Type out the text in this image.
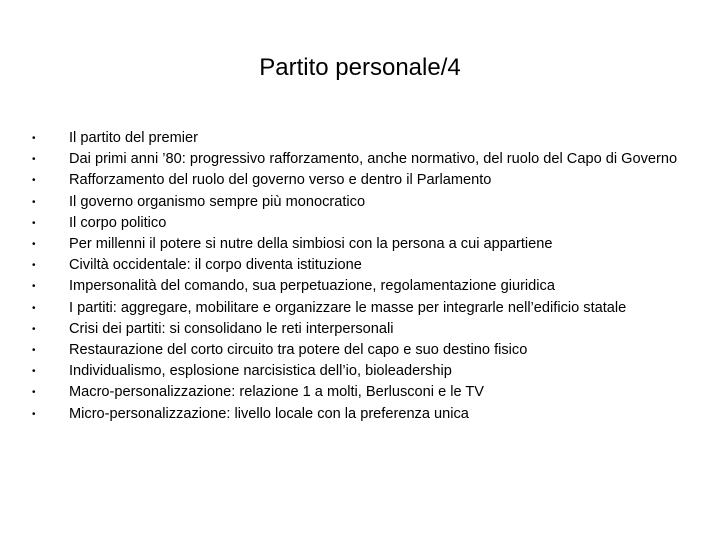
Partito personale/4
•	Il partito del premier
•	Dai primi anni ’80: progressivo rafforzamento, anche normativo, del ruolo del Capo di Governo
•	Rafforzamento del ruolo del governo verso e dentro il Parlamento
•	Il governo organismo sempre più monocratico
•	Il corpo politico
•	Per millenni il potere si nutre della simbiosi con la persona a cui appartiene
•	Civiltà occidentale: il corpo diventa istituzione
•	Impersonalità del comando, sua perpetuazione, regolamentazione giuridica
•	I partiti: aggregare, mobilitare e organizzare le masse per integrarle nell’edificio statale
•	Crisi dei partiti: si consolidano le reti interpersonali
•	Restaurazione del corto circuito tra potere del capo e suo destino fisico
•	Individualismo, esplosione narcisistica dell’io, bioleadership
•	Macro-personalizzazione: relazione 1 a molti, Berlusconi e le TV
•	Micro-personalizzazione: livello locale con la preferenza unica
